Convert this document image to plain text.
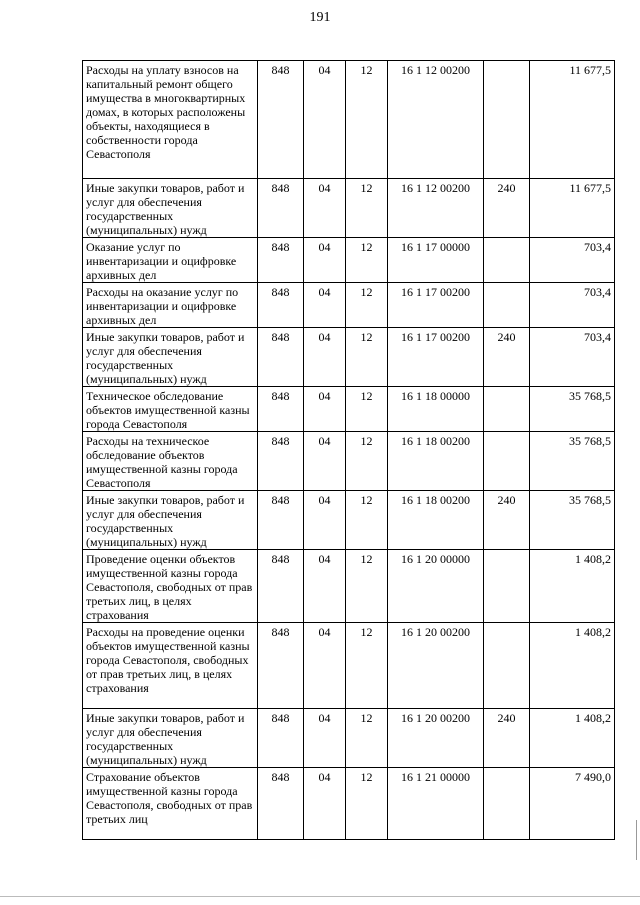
191
Расходы на уплату взносов на капитальный ремонт общего имущества в многоквартирных домах, в которых расположены объекты, находящиеся в собственности города Севастополя	848	04	12	16 1 12 00200		11 677,5
Иные закупки товаров, работ и услуг для обеспечения государственных (муниципальных) нужд	848	04	12	16 1 12 00200	240	11 677,5
Оказание услуг по инвентаризации и оцифровке архивных дел	848	04	12	16 1 17 00000		703,4
Расходы на оказание услуг по инвентаризации и оцифровке архивных дел	848	04	12	16 1 17 00200		703,4
Иные закупки товаров, работ и услуг для обеспечения государственных (муниципальных) нужд	848	04	12	16 1 17 00200	240	703,4
Техническое обследование объектов имущественной казны города Севастополя	848	04	12	16 1 18 00000		35 768,5
Расходы на техническое обследование объектов имущественной казны города Севастополя	848	04	12	16 1 18 00200		35 768,5
Иные закупки товаров, работ и услуг для обеспечения государственных (муниципальных) нужд	848	04	12	16 1 18 00200	240	35 768,5
Проведение оценки объектов имущественной казны города Севастополя, свободных от прав третьих лиц, в целях страхования	848	04	12	16 1 20 00000		1 408,2
Расходы на проведение оценки объектов имущественной казны города Севастополя, свободных от прав третьих лиц, в целях страхования	848	04	12	16 1 20 00200		1 408,2
Иные закупки товаров, работ и услуг для обеспечения государственных (муниципальных) нужд	848	04	12	16 1 20 00200	240	1 408,2
Страхование объектов имущественной казны города Севастополя, свободных от прав третьих лиц	848	04	12	16 1 21 00000		7 490,0
